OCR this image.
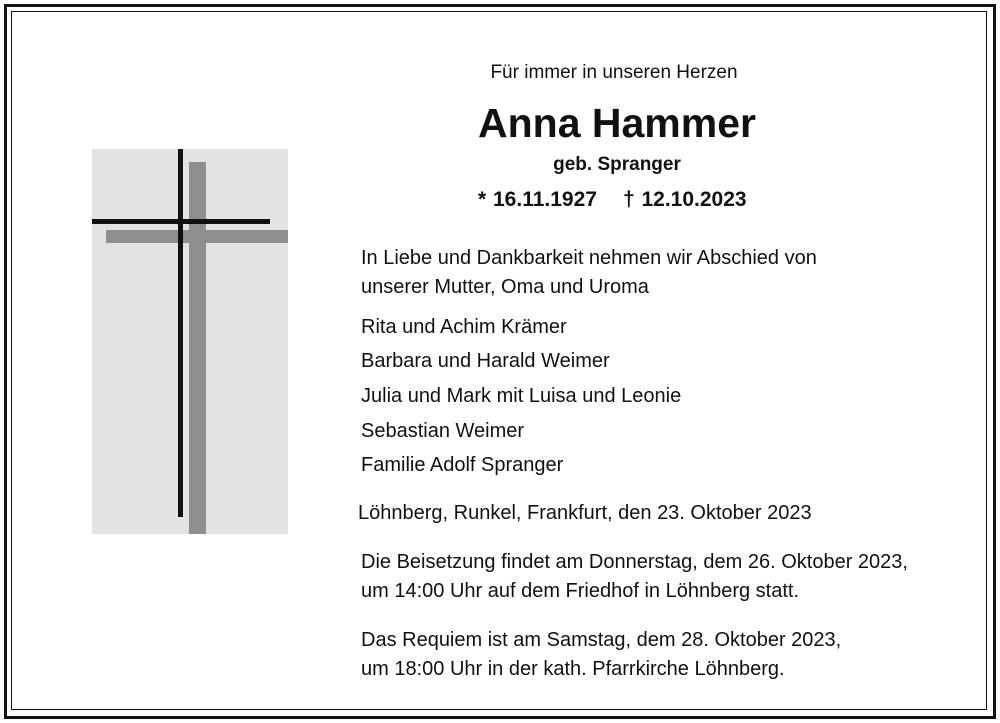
Für immer in unseren Herzen
Anna Hammer
geb. Spranger
* 16.11.1927 † 12.10.2023
In Liebe und Dankbarkeit nehmen wir Abschied von
unserer Mutter, Oma und Uroma
Rita und Achim Krämer
Barbara und Harald Weimer
Julia und Mark mit Luisa und Leonie
Sebastian Weimer
Familie Adolf Spranger
Löhnberg, Runkel, Frankfurt, den 23. Oktober 2023
Die Beisetzung findet am Donnerstag, dem 26. Oktober 2023,
um 14:00 Uhr auf dem Friedhof in Löhnberg statt.
Das Requiem ist am Samstag, dem 28. Oktober 2023,
um 18:00 Uhr in der kath. Pfarrkirche Löhnberg.
